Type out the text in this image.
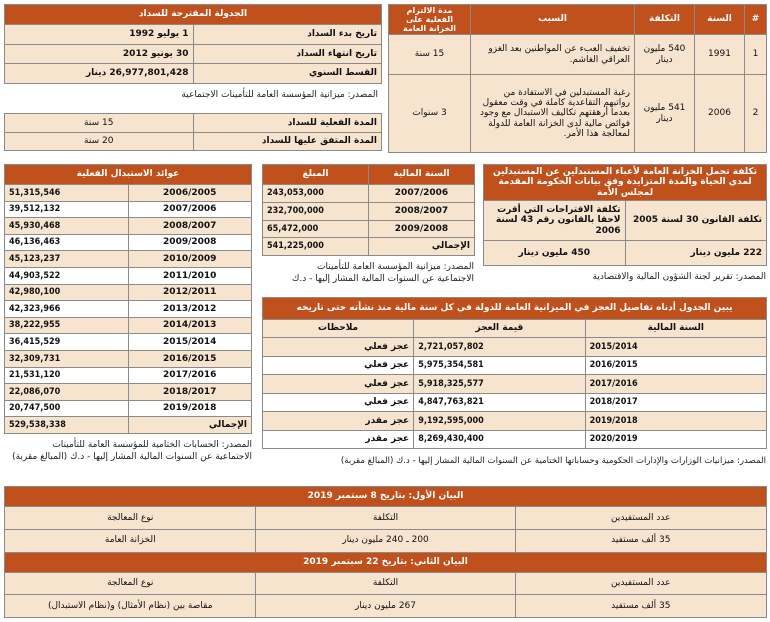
#	السنة	التكلفة	السبب	مدة الالتزام الفعلية على الخزانة العامة
1	1991	540 مليون دينار	تخفيف العبء عن المواطنين بعد الغزو العراقي الغاشم.	15 سنة
2	2006	541 مليون دينار	رغبة المستبدلين في الاستفادة من رواتبهم التقاعدية كاملة في وقت معقول بعدما أرهقتهم تكاليف الاستبدال مع وجود فوائض مالية لدى الخزانة العامة للدولة لمعالجة هذا الأمر.	3 سنوات
الجدولة المقترحة للسداد	
تاريخ بدء السداد	1 يوليو 1992
تاريخ انتهاء السداد	30 يونيو 2012
القسط السنوي	26,977,801,428 دينار
المصدر: ميزانية المؤسسة العامة للتأمينات الاجتماعية
المدة الفعلية للسداد	15 سنة
المدة المتفق عليها للسداد	20 سنة
عوائد الاستبدال الفعلية	
2006/2005	51,315,546
2007/2006	39,512,132
2008/2007	45,930,468
2009/2008	46,136,463
2010/2009	45,123,237
2011/2010	44,903,522
2012/2011	42,980,100
2013/2012	42,323,966
2014/2013	38,222,955
2015/2014	36,415,529
2016/2015	32,309,731
2017/2016	21,531,120
2018/2017	22,086,070
2019/2018	20,747,500
الإجمالي	529,538,338
المصدر: الحسابات الختامية للمؤسسة العامة للتأمينات
الاجتماعية عن السنوات المالية المشار إليها - د.ك (المبالغ مقربة)
السنة المالية	المبلغ
2007/2006	243,053,000
2008/2007	232,700,000
2009/2008	65,472,000
الإجمالي	541,225,000
المصدر: ميزانية المؤسسة العامة للتأمينات
الاجتماعية عن السنوات المالية المشار إليها - د.ك
تكلفة تحمل الخزانة العامة لأعباء المستبدلين عن المستبدلين لمدي الحياة والمدة المتزايدة وفق بيانات الحكومة المقدمة لمجلس الأمة	
تكلفة القانون 30 لسنة 2005	تكلفة الاقتراحات التي أقرت لاحقا بالقانون رقم 43 لسنة 2006
222 مليون دينار	450 مليون دينار
المصدر: تقرير لجنة الشؤون المالية والاقتصادية
يبين الجدول أدناه تفاصيل العجز في الميزانية العامة للدولة في كل سنة مالية منذ نشأته حتى تاريخه		
السنة المالية	قيمة العجز	ملاحظات
2015/2014	2,721,057,802	عجز فعلي
2016/2015	5,975,354,581	عجز فعلي
2017/2016	5,918,325,577	عجز فعلي
2018/2017	4,847,763,821	عجز فعلي
2019/2018	9,192,595,000	عجز مقدر
2020/2019	8,269,430,400	عجز مقدر
المصدر: ميزانيات الوزارات والإدارات الحكومية وحساباتها الختامية عن السنوات المالية المشار إليها - د.ك (المبالغ مقربة)
البيان الأول: بتاريخ 8 سبتمبر 2019		
عدد المستفيدين	التكلفة	نوع المعالجة
35 ألف مستفيد	200 ـ 240 مليون دينار	الخزانة العامة
البيان الثاني: بتاريخ 22 سبتمبر 2019		
عدد المستفيدين	التكلفة	نوع المعالجة
35 ألف مستفيد	267 مليون دينار	مقاصة بين (نظام الأمثال) و(نظام الاستبدال)
